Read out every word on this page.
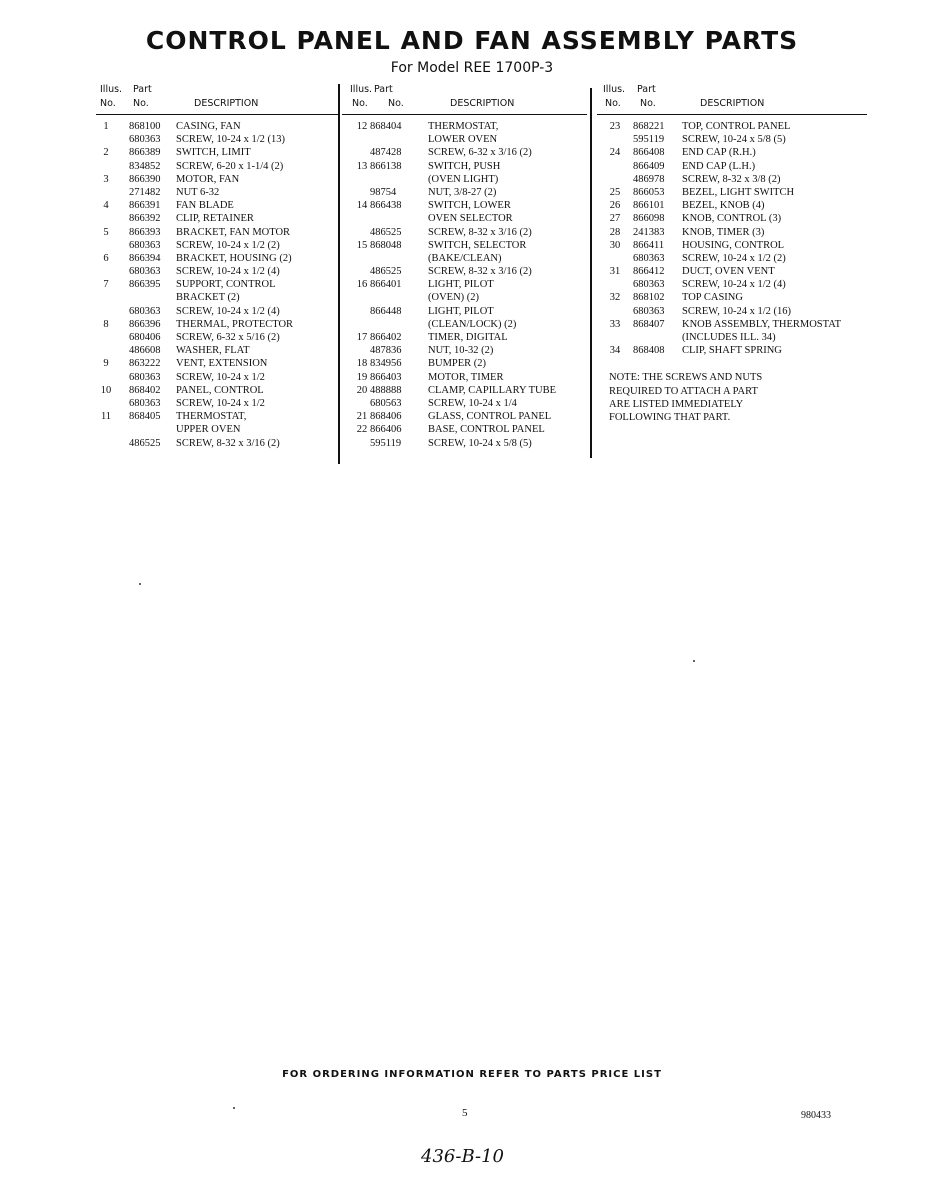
CONTROL PANEL AND FAN ASSEMBLY PARTS
For Model REE 1700P-3
Illus. Part
No. No.	DESCRIPTION
1	868100 CASING, FAN
680363 SCREW, 10-24 x 1/2 (13)
2	866389 SWITCH, LIMIT
834852 SCREW, 6-20 x 1-1/4 (2)
3	866390 MOTOR, FAN
271482 NUT 6-32
4	866391 FAN BLADE
866392 CLIP, RETAINER
5	866393 BRACKET, FAN MOTOR
680363 SCREW, 10-24 x 1/2 (2)
6	866394 BRACKET, HOUSING (2)
680363 SCREW, 10-24 x 1/2 (4)
7	866395 SUPPORT, CONTROL
BRACKET (2)
680363 SCREW, 10-24 x 1/2 (4)
8	866396 THERMAL, PROTECTOR
680406 SCREW, 6-32 x 5/16 (2)
486608 WASHER, FLAT
9	863222 VENT, EXTENSION
680363 SCREW, 10-24 x 1/2
10	868402 PANEL, CONTROL
680363 SCREW, 10-24 x 1/2
11	868405 THERMOSTAT,
UPPER OVEN
486525 SCREW, 8-32 x 3/16 (2)
Illus. Part
No. No.	DESCRIPTION
12 868404	THERMOSTAT,
LOWER OVEN
487428	SCREW, 6-32 x 3/16 (2)
13 866138	SWITCH, PUSH
(OVEN LIGHT)
98754	NUT, 3/8-27 (2)
14 866438	SWITCH, LOWER
OVEN SELECTOR
486525	SCREW, 8-32 x 3/16 (2)
15 868048	SWITCH, SELECTOR
(BAKE/CLEAN)
486525	SCREW, 8-32 x 3/16 (2)
16 866401	LIGHT, PILOT
(OVEN) (2)
866448	LIGHT, PILOT
(CLEAN/LOCK) (2)
17 866402	TIMER, DIGITAL
487836	NUT, 10-32 (2)
18 834956	BUMPER (2)
19 866403	MOTOR, TIMER
20 488888	CLAMP, CAPILLARY TUBE
680563	SCREW, 10-24 x 1/4
21 868406	GLASS, CONTROL PANEL
22 866406	BASE, CONTROL PANEL
595119	SCREW, 10-24 x 5/8 (5)
Illus. Part
No. No.	DESCRIPTION
23	868221 TOP, CONTROL PANEL
595119 SCREW, 10-24 x 5/8 (5)
24	866408 END CAP (R.H.)
866409 END CAP (L.H.)
486978 SCREW, 8-32 x 3/8 (2)
25	866053 BEZEL, LIGHT SWITCH
26	866101 BEZEL, KNOB (4)
27	866098 KNOB, CONTROL (3)
28	241383 KNOB, TIMER (3)
30	866411 HOUSING, CONTROL
680363 SCREW, 10-24 x 1/2 (2)
31	866412 DUCT, OVEN VENT
680363 SCREW, 10-24 x 1/2 (4)
32	868102 TOP CASING
680363 SCREW, 10-24 x 1/2 (16)
33	868407 KNOB ASSEMBLY, THERMOSTAT
(INCLUDES ILL. 34)
34	868408 CLIP, SHAFT SPRING
NOTE: THE SCREWS AND NUTS
REQUIRED TO ATTACH A PART
ARE LISTED IMMEDIATELY
FOLLOWING THAT PART.
FOR ORDERING INFORMATION REFER TO PARTS PRICE LIST
5	980433
436-B-10
